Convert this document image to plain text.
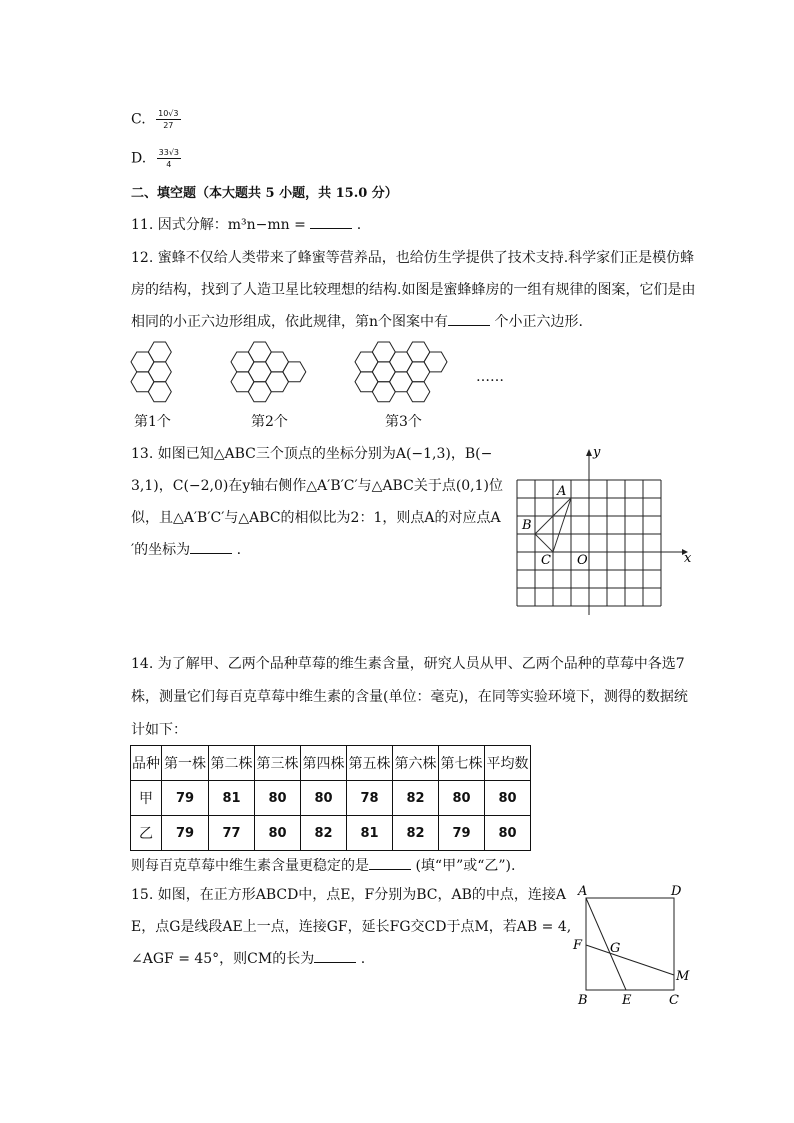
C. $\frac{10√3}{27}$
D. $\frac{33√3}{4}$
二、填空题（本大题共 5 小题，共 15.0 分）
11. 因式分解：m³n−mn =	.
12. 蜜蜂不仅给人类带来了蜂蜜等营养品，也给仿生学提供了技术支持.科学家们正是模仿蜂
房的结构，找到了人造卫星比较理想的结构.如图是蜜蜂蜂房的一组有规律的图案，它们是由
相同的小正六边形组成，依此规律，第n个图案中有	个小正六边形.
第1个	第2个	第3个
……
13. 如图已知△ABC三个顶点的坐标分别为A(−1,3)，B(−
3,1)，C(−2,0)在y轴右侧作△A′B′C′与△ABC关于点(0,1)位
似，且△A′B′C′与△ABC的相似比为2：1，则点A的对应点A
′的坐标为	.
x
y
A
B
C O
14. 为了解甲、乙两个品种草莓的维生素含量，研究人员从甲、乙两个品种的草莓中各选7
株，测量它们每百克草莓中维生素的含量(单位：毫克)，在同等实验环境下，测得的数据统
计如下：
品种	第一株	第二株	第三株	第四株	第五株	第六株	第七株	平均数
甲	79	81	80	80	78	82	80	80
乙	79	77	80	82	81	82	79	80
则每百克草莓中维生素含量更稳定的是	(填“甲”或“乙”).
15. 如图，在正方形ABCD中，点E，F分别为BC，AB的中点，连接A
E，点G是线段AE上一点，连接GF，延长FG交CD于点M，若AB = 4,
∠AGF = 45°，则CM的长为	.
A	D
B	E	C
F G
M
